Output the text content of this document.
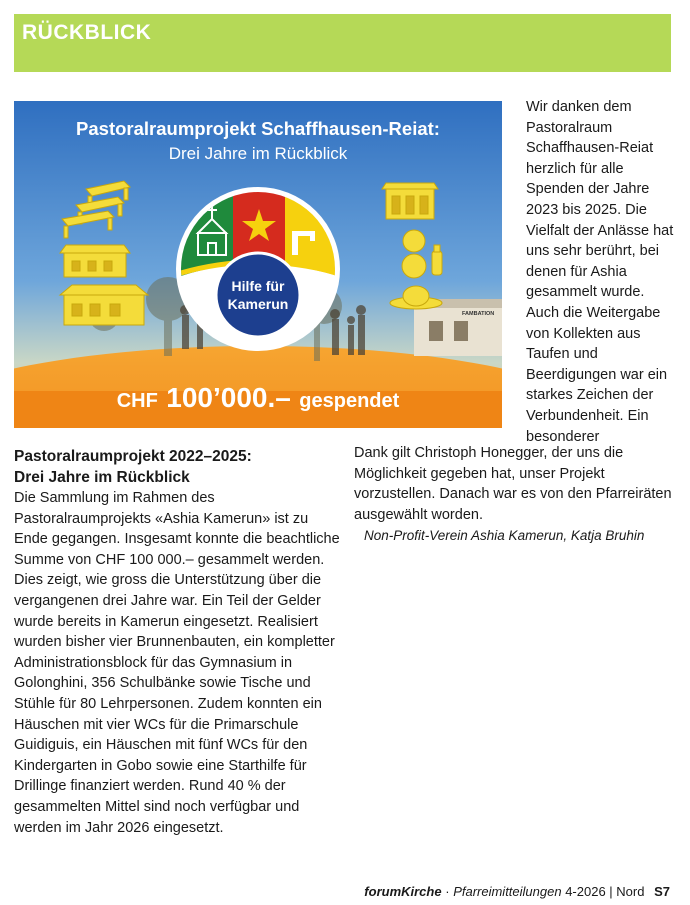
RÜCKBLICK
FAMBATION
Pastoralraumprojekt Schaffhausen-Reiat:
Drei Jahre im Rückblick
Hilfe für
Kamerun
CHF 100’000.– gespendet

Wir danken dem Pastoralraum Schaffhausen-Reiat herzlich für alle Spenden der Jahre 2023 bis 2025. Die Vielfalt der Anlässe hat uns sehr berührt, bei denen für Ashia gesammelt wurde. Auch die Weitergabe von Kollekten aus Taufen und Beerdigungen war ein starkes Zeichen der Verbundenheit. Ein besonderer

Dank gilt Christoph Honegger, der uns die Möglichkeit gegeben hat, unser Projekt vorzustellen. Danach war es von den Pfarreiräten ausgewählt worden.

Non-Profit-Verein Ashia Kamerun, Katja Bruhin

Pastoralraumprojekt 2022–2025:
Drei Jahre im Rückblick

Die Sammlung im Rahmen des Pastoralraumprojekts «Ashia Kamerun» ist zu Ende gegangen. Insgesamt konnte die beachtliche Summe von CHF 100 000.– gesammelt werden. Dies zeigt, wie gross die Unterstützung über die vergangenen drei Jahre war. Ein Teil der Gelder wurde bereits in Kamerun eingesetzt. Realisiert wurden bisher vier Brunnenbauten, ein kompletter Administrationsblock für das Gymnasium in Golonghini, 356 Schulbänke sowie Tische und Stühle für 80 Lehrpersonen. Zudem konnten ein Häuschen mit vier WCs für die Primarschule Guidiguis, ein Häuschen mit fünf WCs für den Kindergarten in Gobo sowie eine Starthilfe für Drillinge finanziert werden. Rund 40 % der gesammelten Mittel sind noch verfügbar und werden im Jahr 2026 eingesetzt.

forumKirche · Pfarreimitteilungen 4-2026 | Nord S7
